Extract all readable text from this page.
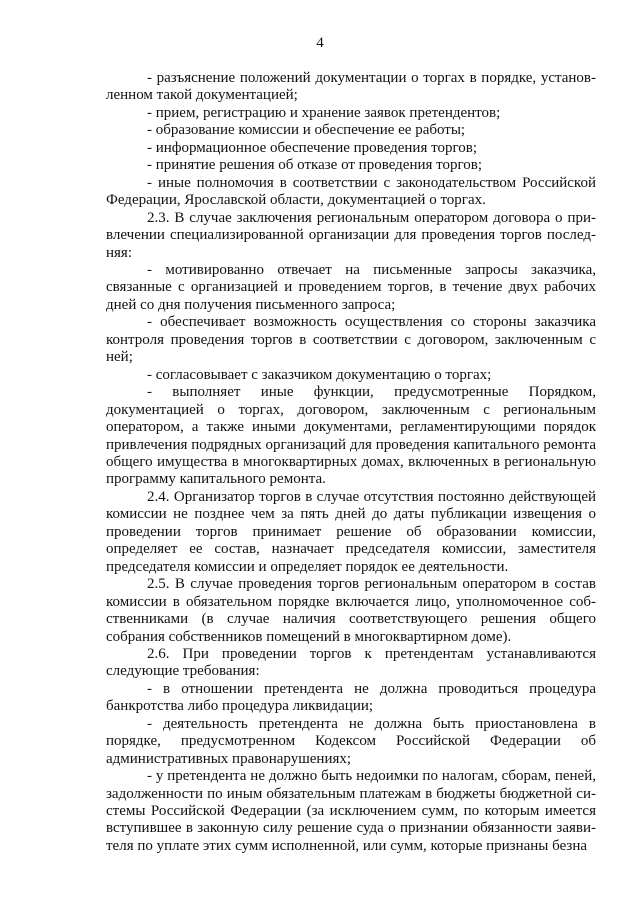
4

- разъяснение положений документации о торгах в порядке, установленном такой документацией;

- прием, регистрацию и хранение заявок претендентов;

- образование комиссии и обеспечение ее работы;

- информационное обеспечение проведения торгов;

- принятие решения об отказе от проведения торгов;

- иные полномочия в соответствии с законодательством Российской Федерации, Ярославской области, документацией о торгах.

2.3. В случае заключения региональным оператором договора о привлечении специализированной организации для проведения торгов последняя:

- мотивированно отвечает на письменные запросы заказчика, связанные с организацией и проведением торгов, в течение двух рабочих дней со дня получения письменного запроса;

- обеспечивает возможность осуществления со стороны заказчика контроля проведения торгов в соответствии с договором, заключенным с ней;

- согласовывает с заказчиком документацию о торгах;

- выполняет иные функции, предусмотренные Порядком, документацией о торгах, договором, заключенным с региональным оператором, а также иными документами, регламентирующими порядок привлечения подрядных организаций для проведения капитального ремонта общего имущества в многоквартирных домах, включенных в региональную программу капитального ремонта.

2.4. Организатор торгов в случае отсутствия постоянно действующей комиссии не позднее чем за пять дней до даты публикации извещения о проведении торгов принимает решение об образовании комиссии, определяет ее состав, назначает председателя комиссии, заместителя председателя комиссии и определяет порядок ее деятельности.

2.5. В случае проведения торгов региональным оператором в состав комиссии в обязательном порядке включается лицо, уполномоченное собственниками (в случае наличия соответствующего решения общего собрания собственников помещений в многоквартирном доме).

2.6. При проведении торгов к претендентам устанавливаются следующие требования:

- в отношении претендента не должна проводиться процедура банкротства либо процедура ликвидации;

- деятельность претендента не должна быть приостановлена в порядке, предусмотренном Кодексом Российской Федерации об административных правонарушениях;

- у претендента не должно быть недоимки по налогам, сборам, пеней, задолженности по иным обязательным платежам в бюджеты бюджетной системы Российской Федерации (за исключением сумм, по которым имеется вступившее в законную силу решение суда о признании обязанности заявителя по уплате этих сумм исполненной, или сумм, которые признаны безна
